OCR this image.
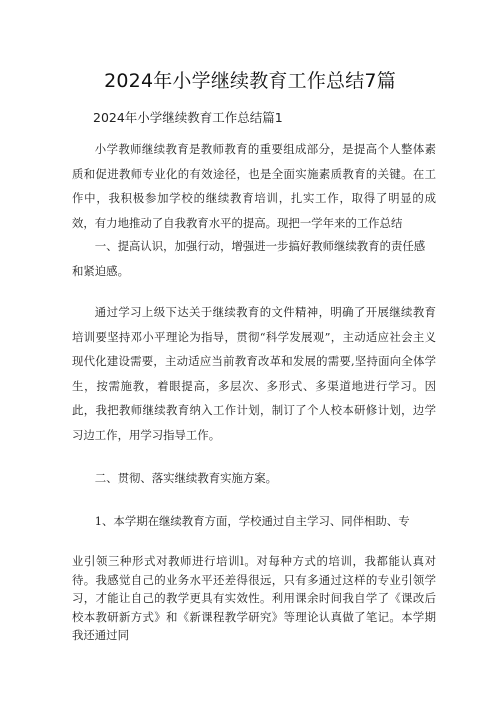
2024年小学继续教育工作总结7篇
2024年小学继续教育工作总结篇1
小学教师继续教育是教师教育的重要组成部分，是提高个人整体素质和促进教师专业化的有效途径，也是全面实施素质教育的关键。在工作中，我积极参加学校的继续教育培训，扎实工作，取得了明显的成效，有力地推动了自我教育水平的提高。现把一学年来的工作总结
一、提高认识，加强行动，增强进一步搞好教师继续教育的责任感和紧迫感。
通过学习上级下达关于继续教育的文件精神，明确了开展继续教育培训要坚持邓小平理论为指导，贯彻“科学发展观”，主动适应社会主义现代化建设需要，主动适应当前教育改革和发展的需要,坚持面向全体学生，按需施教，着眼提高，多层次、多形式、多渠道地进行学习。因此，我把教师继续教育纳入工作计划，制订了个人校本研修计划，边学习边工作，用学习指导工作。
二、贯彻、落实继续教育实施方案。
1、本学期在继续教育方面，学校通过自主学习、同伴相助、专
业引领三种形式对教师进行培训l。对每种方式的培训，我都能认真对待。我感觉自己的业务水平还差得很远，只有多通过这样的专业引领学习，才能让自己的教学更具有实效性。利用课余时间我自学了《课改后校本教研新方式》和《新课程教学研究》等理论认真做了笔记。本学期我还通过同
